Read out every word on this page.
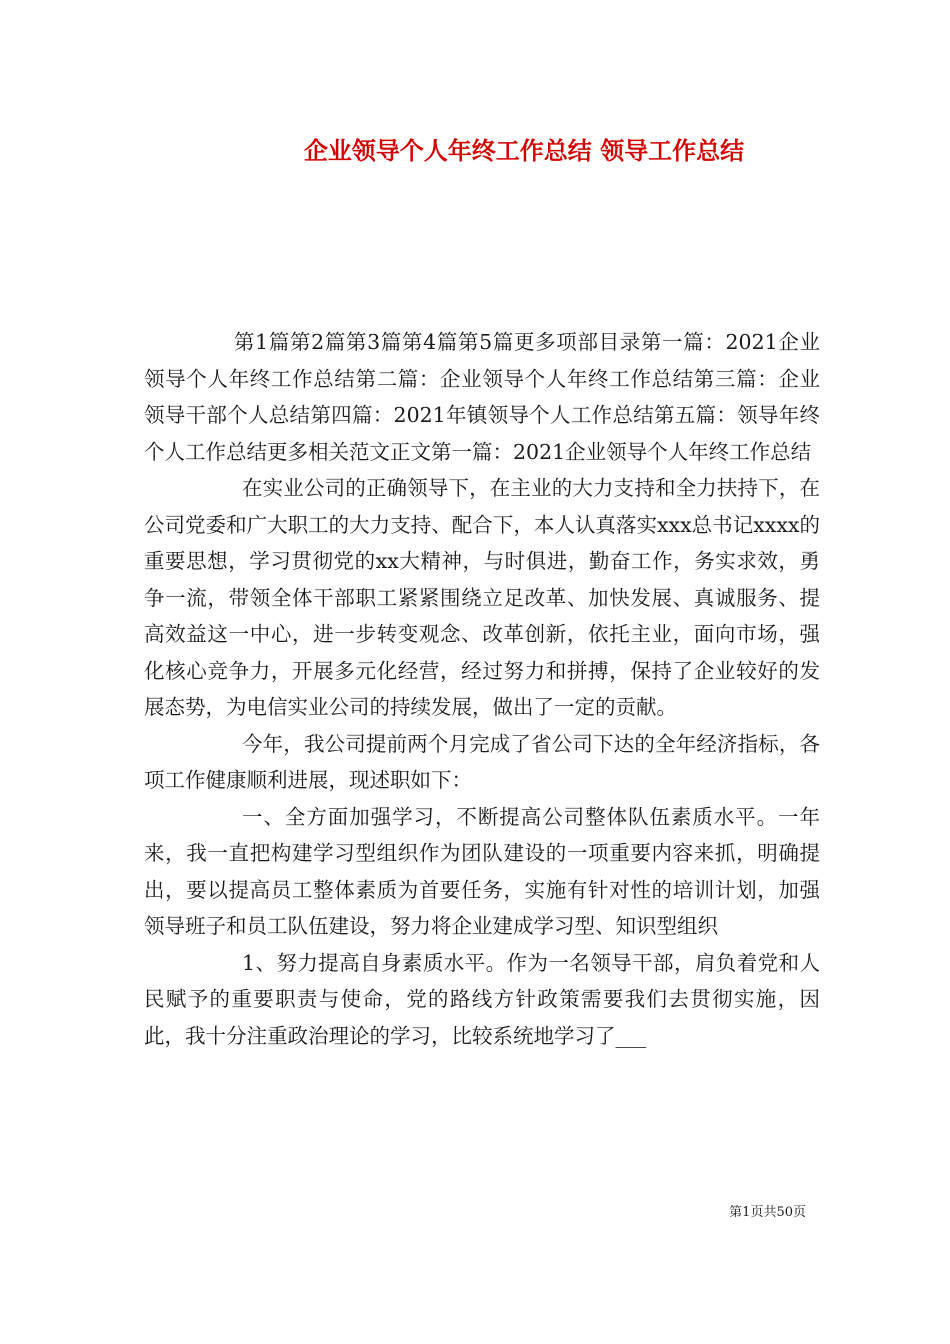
企业领导个人年终工作总结 领导工作总结

第1篇第2篇第3篇第4篇第5篇更多项部目录第一篇：2021企业领导个人年终工作总结第二篇：企业领导个人年终工作总结第三篇：企业领导干部个人总结第四篇：2021年镇领导个人工作总结第五篇：领导年终个人工作总结更多相关范文正文第一篇：2021企业领导个人年终工作总结

在实业公司的正确领导下，在主业的大力支持和全力扶持下，在公司党委和广大职工的大力支持、配合下，本人认真落实xxx总书记xxxx的重要思想，学习贯彻党的xx大精神，与时俱进，勤奋工作，务实求效，勇争一流，带领全体干部职工紧紧围绕立足改革、加快发展、真诚服务、提高效益这一中心，进一步转变观念、改革创新，依托主业，面向市场，强化核心竞争力，开展多元化经营，经过努力和拼搏，保持了企业较好的发展态势，为电信实业公司的持续发展，做出了一定的贡献。

今年，我公司提前两个月完成了省公司下达的全年经济指标，各项工作健康顺利进展，现述职如下：

一、全方面加强学习，不断提高公司整体队伍素质水平。一年来，我一直把构建学习型组织作为团队建设的一项重要内容来抓，明确提出，要以提高员工整体素质为首要任务，实施有针对性的培训计划，加强领导班子和员工队伍建设，努力将企业建成学习型、知识型组织

1、努力提高自身素质水平。作为一名领导干部，肩负着党和人民赋予的重要职责与使命，党的路线方针政策需要我们去贯彻实施，因此，我十分注重政治理论的学习，比较系统地学习了___

第1页共50页
